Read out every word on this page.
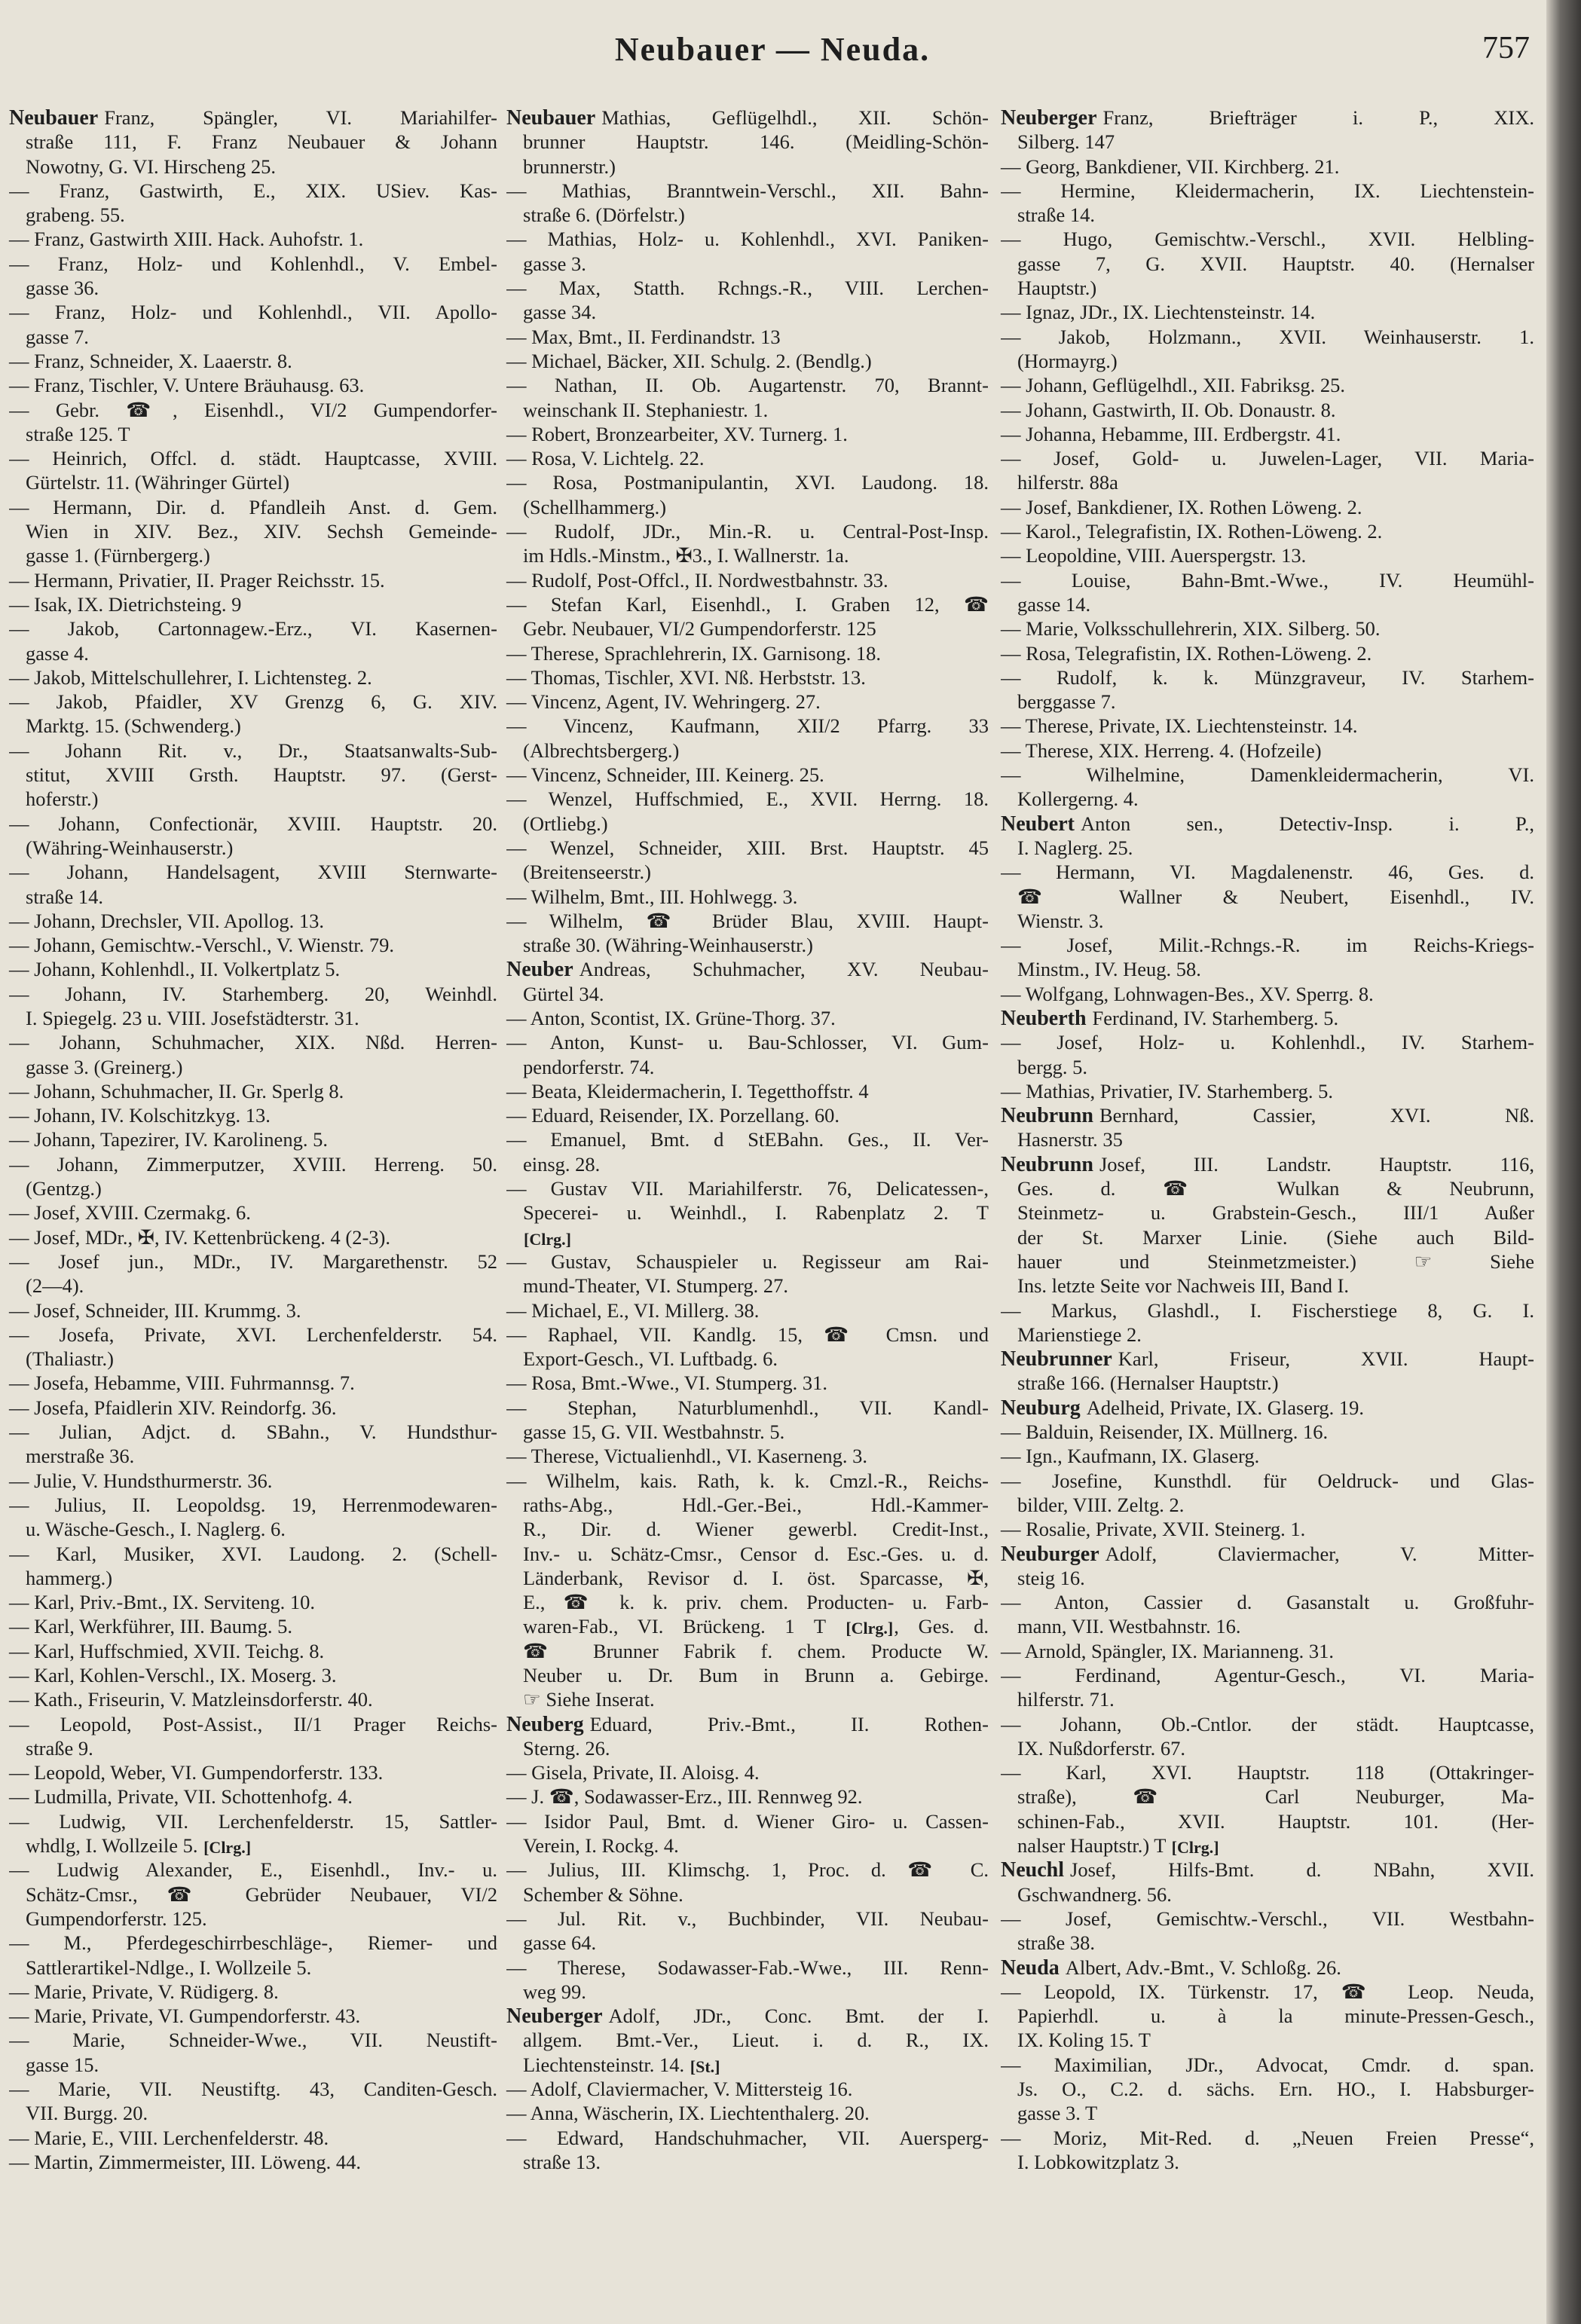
Neubauer — Neuda.	757
Neubauer Franz, Spängler, VI. Mariahilfer-
straße 111, F. Franz Neubauer & Johann
Nowotny, G. VI. Hirscheng 25.
— Franz, Gastwirth, E., XIX. USiev. Kas-
grabeng. 55.
— Franz, Gastwirth XIII. Hack. Auhofstr. 1.
— Franz, Holz- und Kohlenhdl., V. Embel-
gasse 36.
— Franz, Holz- und Kohlenhdl., VII. Apollo-
gasse 7.
— Franz, Schneider, X. Laaerstr. 8.
— Franz, Tischler, V. Untere Bräuhausg. 63.
— Gebr. ☎, Eisenhdl., VI/2 Gumpendorfer-
straße 125. T
— Heinrich, Offcl. d. städt. Hauptcasse, XVIII.
Gürtelstr. 11. (Währinger Gürtel)
— Hermann, Dir. d. Pfandleih Anst. d. Gem.
Wien in XIV. Bez., XIV. Sechsh Gemeinde-
gasse 1. (Fürnbergerg.)
— Hermann, Privatier, II. Prager Reichsstr. 15.
— Isak, IX. Dietrichsteing. 9
— Jakob, Cartonnagew.-Erz., VI. Kasernen-
gasse 4.
— Jakob, Mittelschullehrer, I. Lichtensteg. 2.
— Jakob, Pfaidler, XV Grenzg 6, G. XIV.
Marktg. 15. (Schwenderg.)
— Johann Rit. v., Dr., Staatsanwalts-Sub-
stitut, XVIII Grsth. Hauptstr. 97. (Gerst-
hoferstr.)
— Johann, Confectionär, XVIII. Hauptstr. 20.
(Währing-Weinhauserstr.)
— Johann, Handelsagent, XVIII Sternwarte-
straße 14.
— Johann, Drechsler, VII. Apollog. 13.
— Johann, Gemischtw.-Verschl., V. Wienstr. 79.
— Johann, Kohlenhdl., II. Volkertplatz 5.
— Johann, IV. Starhemberg. 20, Weinhdl.
I. Spiegelg. 23 u. VIII. Josefstädterstr. 31.
— Johann, Schuhmacher, XIX. Nßd. Herren-
gasse 3. (Greinerg.)
— Johann, Schuhmacher, II. Gr. Sperlg 8.
— Johann, IV. Kolschitzkyg. 13.
— Johann, Tapezirer, IV. Karolineng. 5.
— Johann, Zimmerputzer, XVIII. Herreng. 50.
(Gentzg.)
— Josef, XVIII. Czermakg. 6.
— Josef, MDr., ✠, IV. Kettenbrückeng. 4 (2-3).
— Josef jun., MDr., IV. Margarethenstr. 52
(2—4).
— Josef, Schneider, III. Krummg. 3.
— Josefa, Private, XVI. Lerchenfelderstr. 54.
(Thaliastr.)
— Josefa, Hebamme, VIII. Fuhrmannsg. 7.
— Josefa, Pfaidlerin XIV. Reindorfg. 36.
— Julian, Adjct. d. SBahn., V. Hundsthur-
merstraße 36.
— Julie, V. Hundsthurmerstr. 36.
— Julius, II. Leopoldsg. 19, Herrenmodewaren-
u. Wäsche-Gesch., I. Naglerg. 6.
— Karl, Musiker, XVI. Laudong. 2. (Schell-
hammerg.)
— Karl, Priv.-Bmt., IX. Serviteng. 10.
— Karl, Werkführer, III. Baumg. 5.
— Karl, Huffschmied, XVII. Teichg. 8.
— Karl, Kohlen-Verschl., IX. Moserg. 3.
— Kath., Friseurin, V. Matzleinsdorferstr. 40.
— Leopold, Post-Assist., II/1 Prager Reichs-
straße 9.
— Leopold, Weber, VI. Gumpendorferstr. 133.
— Ludmilla, Private, VII. Schottenhofg. 4.
— Ludwig, VII. Lerchenfelderstr. 15, Sattler-
whdlg, I. Wollzeile 5. [Clrg.]
— Ludwig Alexander, E., Eisenhdl., Inv.- u.
Schätz-Cmsr., ☎ Gebrüder Neubauer, VI/2
Gumpendorferstr. 125.
— M., Pferdegeschirrbeschläge-, Riemer- und
Sattlerartikel-Ndlge., I. Wollzeile 5.
— Marie, Private, V. Rüdigerg. 8.
— Marie, Private, VI. Gumpendorferstr. 43.
— Marie, Schneider-Wwe., VII. Neustift-
gasse 15.
— Marie, VII. Neustiftg. 43, Canditen-Gesch.
VII. Burgg. 20.
— Marie, E., VIII. Lerchenfelderstr. 48.
— Martin, Zimmermeister, III. Löweng. 44.
Neubauer Mathias, Geflügelhdl., XII. Schön-
brunner Hauptstr. 146. (Meidling-Schön-
brunnerstr.)
— Mathias, Branntwein-Verschl., XII. Bahn-
straße 6. (Dörfelstr.)
— Mathias, Holz- u. Kohlenhdl., XVI. Paniken-
gasse 3.
— Max, Statth. Rchngs.-R., VIII. Lerchen-
gasse 34.
— Max, Bmt., II. Ferdinandstr. 13
— Michael, Bäcker, XII. Schulg. 2. (Bendlg.)
— Nathan, II. Ob. Augartenstr. 70, Brannt-
weinschank II. Stephaniestr. 1.
— Robert, Bronzearbeiter, XV. Turnerg. 1.
— Rosa, V. Lichtelg. 22.
— Rosa, Postmanipulantin, XVI. Laudong. 18.
(Schellhammerg.)
— Rudolf, JDr., Min.-R. u. Central-Post-Insp.
im Hdls.-Minstm., ✠3., I. Wallnerstr. 1a.
— Rudolf, Post-Offcl., II. Nordwestbahnstr. 33.
— Stefan Karl, Eisenhdl., I. Graben 12, ☎
Gebr. Neubauer, VI/2 Gumpendorferstr. 125
— Therese, Sprachlehrerin, IX. Garnisong. 18.
— Thomas, Tischler, XVI. Nß. Herbststr. 13.
— Vincenz, Agent, IV. Wehringerg. 27.
— Vincenz, Kaufmann, XII/2 Pfarrg. 33
(Albrechtsbergerg.)
— Vincenz, Schneider, III. Keinerg. 25.
— Wenzel, Huffschmied, E., XVII. Herrng. 18.
(Ortliebg.)
— Wenzel, Schneider, XIII. Brst. Hauptstr. 45
(Breitenseerstr.)
— Wilhelm, Bmt., III. Hohlwegg. 3.
— Wilhelm, ☎ Brüder Blau, XVIII. Haupt-
straße 30. (Währing-Weinhauserstr.)
Neuber Andreas, Schuhmacher, XV. Neubau-
Gürtel 34.
— Anton, Scontist, IX. Grüne-Thorg. 37.
— Anton, Kunst- u. Bau-Schlosser, VI. Gum-
pendorferstr. 74.
— Beata, Kleidermacherin, I. Tegetthoffstr. 4
— Eduard, Reisender, IX. Porzellang. 60.
— Emanuel, Bmt. d StEBahn. Ges., II. Ver-
einsg. 28.
— Gustav VII. Mariahilferstr. 76, Delicatessen-,
Specerei- u. Weinhdl., I. Rabenplatz 2. T
[Clrg.]
— Gustav, Schauspieler u. Regisseur am Rai-
mund-Theater, VI. Stumperg. 27.
— Michael, E., VI. Millerg. 38.
— Raphael, VII. Kandlg. 15, ☎ Cmsn. und
Export-Gesch., VI. Luftbadg. 6.
— Rosa, Bmt.-Wwe., VI. Stumperg. 31.
— Stephan, Naturblumenhdl., VII. Kandl-
gasse 15, G. VII. Westbahnstr. 5.
— Therese, Victualienhdl., VI. Kaserneng. 3.
— Wilhelm, kais. Rath, k. k. Cmzl.-R., Reichs-
raths-Abg., Hdl.-Ger.-Bei., Hdl.-Kammer-
R., Dir. d. Wiener gewerbl. Credit-Inst.,
Inv.- u. Schätz-Cmsr., Censor d. Esc.-Ges. u. d.
Länderbank, Revisor d. I. öst. Sparcasse, ✠,
E., ☎ k. k. priv. chem. Producten- u. Farb-
waren-Fab., VI. Brückeng. 1 T [Clrg.], Ges. d.
☎ Brunner Fabrik f. chem. Producte W.
Neuber u. Dr. Bum in Brunn a. Gebirge.
☞ Siehe Inserat.
Neuberg Eduard, Priv.-Bmt., II. Rothen-
Sterng. 26.
— Gisela, Private, II. Aloisg. 4.
— J. ☎, Sodawasser-Erz., III. Rennweg 92.
— Isidor Paul, Bmt. d. Wiener Giro- u. Cassen-
Verein, I. Rockg. 4.
— Julius, III. Klimschg. 1, Proc. d. ☎ C.
Schember & Söhne.
— Jul. Rit. v., Buchbinder, VII. Neubau-
gasse 64.
— Therese, Sodawasser-Fab.-Wwe., III. Renn-
weg 99.
Neuberger Adolf, JDr., Conc. Bmt. der I.
allgem. Bmt.-Ver., Lieut. i. d. R., IX.
Liechtensteinstr. 14. [St.]
— Adolf, Claviermacher, V. Mittersteig 16.
— Anna, Wäscherin, IX. Liechtenthalerg. 20.
— Edward, Handschuhmacher, VII. Auersperg-
straße 13.
Neuberger Franz, Briefträger i. P., XIX.
Silberg. 147
— Georg, Bankdiener, VII. Kirchberg. 21.
— Hermine, Kleidermacherin, IX. Liechtenstein-
straße 14.
— Hugo, Gemischtw.-Verschl., XVII. Helbling-
gasse 7, G. XVII. Hauptstr. 40. (Hernalser
Hauptstr.)
— Ignaz, JDr., IX. Liechtensteinstr. 14.
— Jakob, Holzmann., XVII. Weinhauserstr. 1.
(Hormayrg.)
— Johann, Geflügelhdl., XII. Fabriksg. 25.
— Johann, Gastwirth, II. Ob. Donaustr. 8.
— Johanna, Hebamme, III. Erdbergstr. 41.
— Josef, Gold- u. Juwelen-Lager, VII. Maria-
hilferstr. 88a
— Josef, Bankdiener, IX. Rothen Löweng. 2.
— Karol., Telegrafistin, IX. Rothen-Löweng. 2.
— Leopoldine, VIII. Auerspergstr. 13.
— Louise, Bahn-Bmt.-Wwe., IV. Heumühl-
gasse 14.
— Marie, Volksschullehrerin, XIX. Silberg. 50.
— Rosa, Telegrafistin, IX. Rothen-Löweng. 2.
— Rudolf, k. k. Münzgraveur, IV. Starhem-
berggasse 7.
— Therese, Private, IX. Liechtensteinstr. 14.
— Therese, XIX. Herreng. 4. (Hofzeile)
— Wilhelmine, Damenkleidermacherin, VI.
Kollergerng. 4.
Neubert Anton sen., Detectiv-Insp. i. P.,
I. Naglerg. 25.
— Hermann, VI. Magdalenenstr. 46, Ges. d.
☎ Wallner & Neubert, Eisenhdl., IV.
Wienstr. 3.
— Josef, Milit.-Rchngs.-R. im Reichs-Kriegs-
Minstm., IV. Heug. 58.
— Wolfgang, Lohnwagen-Bes., XV. Sperrg. 8.
Neuberth Ferdinand, IV. Starhemberg. 5.
— Josef, Holz- u. Kohlenhdl., IV. Starhem-
bergg. 5.
— Mathias, Privatier, IV. Starhemberg. 5.
Neubrunn Bernhard, Cassier, XVI. Nß.
Hasnerstr. 35
Neubrunn Josef, III. Landstr. Hauptstr. 116,
Ges. d. ☎ Wulkan & Neubrunn,
Steinmetz- u. Grabstein-Gesch., III/1 Außer
der St. Marxer Linie. (Siehe auch Bild-
hauer und Steinmetzmeister.) ☞ Siehe
Ins. letzte Seite vor Nachweis III, Band I.
— Markus, Glashdl., I. Fischerstiege 8, G. I.
Marienstiege 2.
Neubrunner Karl, Friseur, XVII. Haupt-
straße 166. (Hernalser Hauptstr.)
Neuburg Adelheid, Private, IX. Glaserg. 19.
— Balduin, Reisender, IX. Müllnerg. 16.
— Ign., Kaufmann, IX. Glaserg.
— Josefine, Kunsthdl. für Oeldruck- und Glas-
bilder, VIII. Zeltg. 2.
— Rosalie, Private, XVII. Steinerg. 1.
Neuburger Adolf, Claviermacher, V. Mitter-
steig 16.
— Anton, Cassier d. Gasanstalt u. Großfuhr-
mann, VII. Westbahnstr. 16.
— Arnold, Spängler, IX. Mariannеng. 31.
— Ferdinand, Agentur-Gesch., VI. Maria-
hilferstr. 71.
— Johann, Ob.-Cntlor. der städt. Hauptcasse,
IX. Nußdorferstr. 67.
— Karl, XVI. Hauptstr. 118 (Ottakringer-
straße), ☎ Carl Neuburger, Ma-
schinen-Fab., XVII. Hauptstr. 101. (Her-
nalser Hauptstr.) T [Clrg.]
Neuchl Josef, Hilfs-Bmt. d. NBahn, XVII.
Gschwandnerg. 56.
— Josef, Gemischtw.-Verschl., VII. Westbahn-
straße 38.
Neuda Albert, Adv.-Bmt., V. Schloßg. 26.
— Leopold, IX. Türkenstr. 17, ☎ Leop. Neuda,
Papierhdl. u. à la minute-Pressen-Gesch.,
IX. Koling 15. T
— Maximilian, JDr., Advocat, Cmdr. d. span.
Js. O., C.2. d. sächs. Ern. HO., I. Habsburger-
gasse 3. T
— Moriz, Mit-Red. d. „Neuen Freien Presse“,
I. Lobkowitzplatz 3.
